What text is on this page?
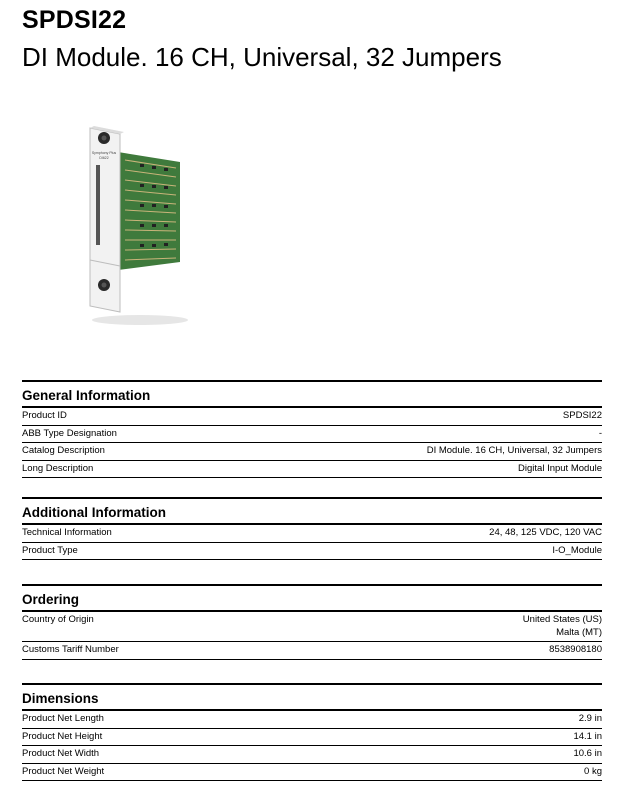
SPDSI22
DI Module. 16 CH, Universal, 32 Jumpers
Symphony Plus
DI622
General Information
Product ID	SPDSI22
ABB Type Designation	-
Catalog Description	DI Module. 16 CH, Universal, 32 Jumpers
Long Description	Digital Input Module
Additional Information
Technical Information	24, 48, 125 VDC, 120 VAC
Product Type	I-O_Module
Ordering
Country of Origin	United States (US)
Malta (MT)
Customs Tariff Number	8538908180
Dimensions
Product Net Length	2.9 in
Product Net Height	14.1 in
Product Net Width	10.6 in
Product Net Weight	0 kg
